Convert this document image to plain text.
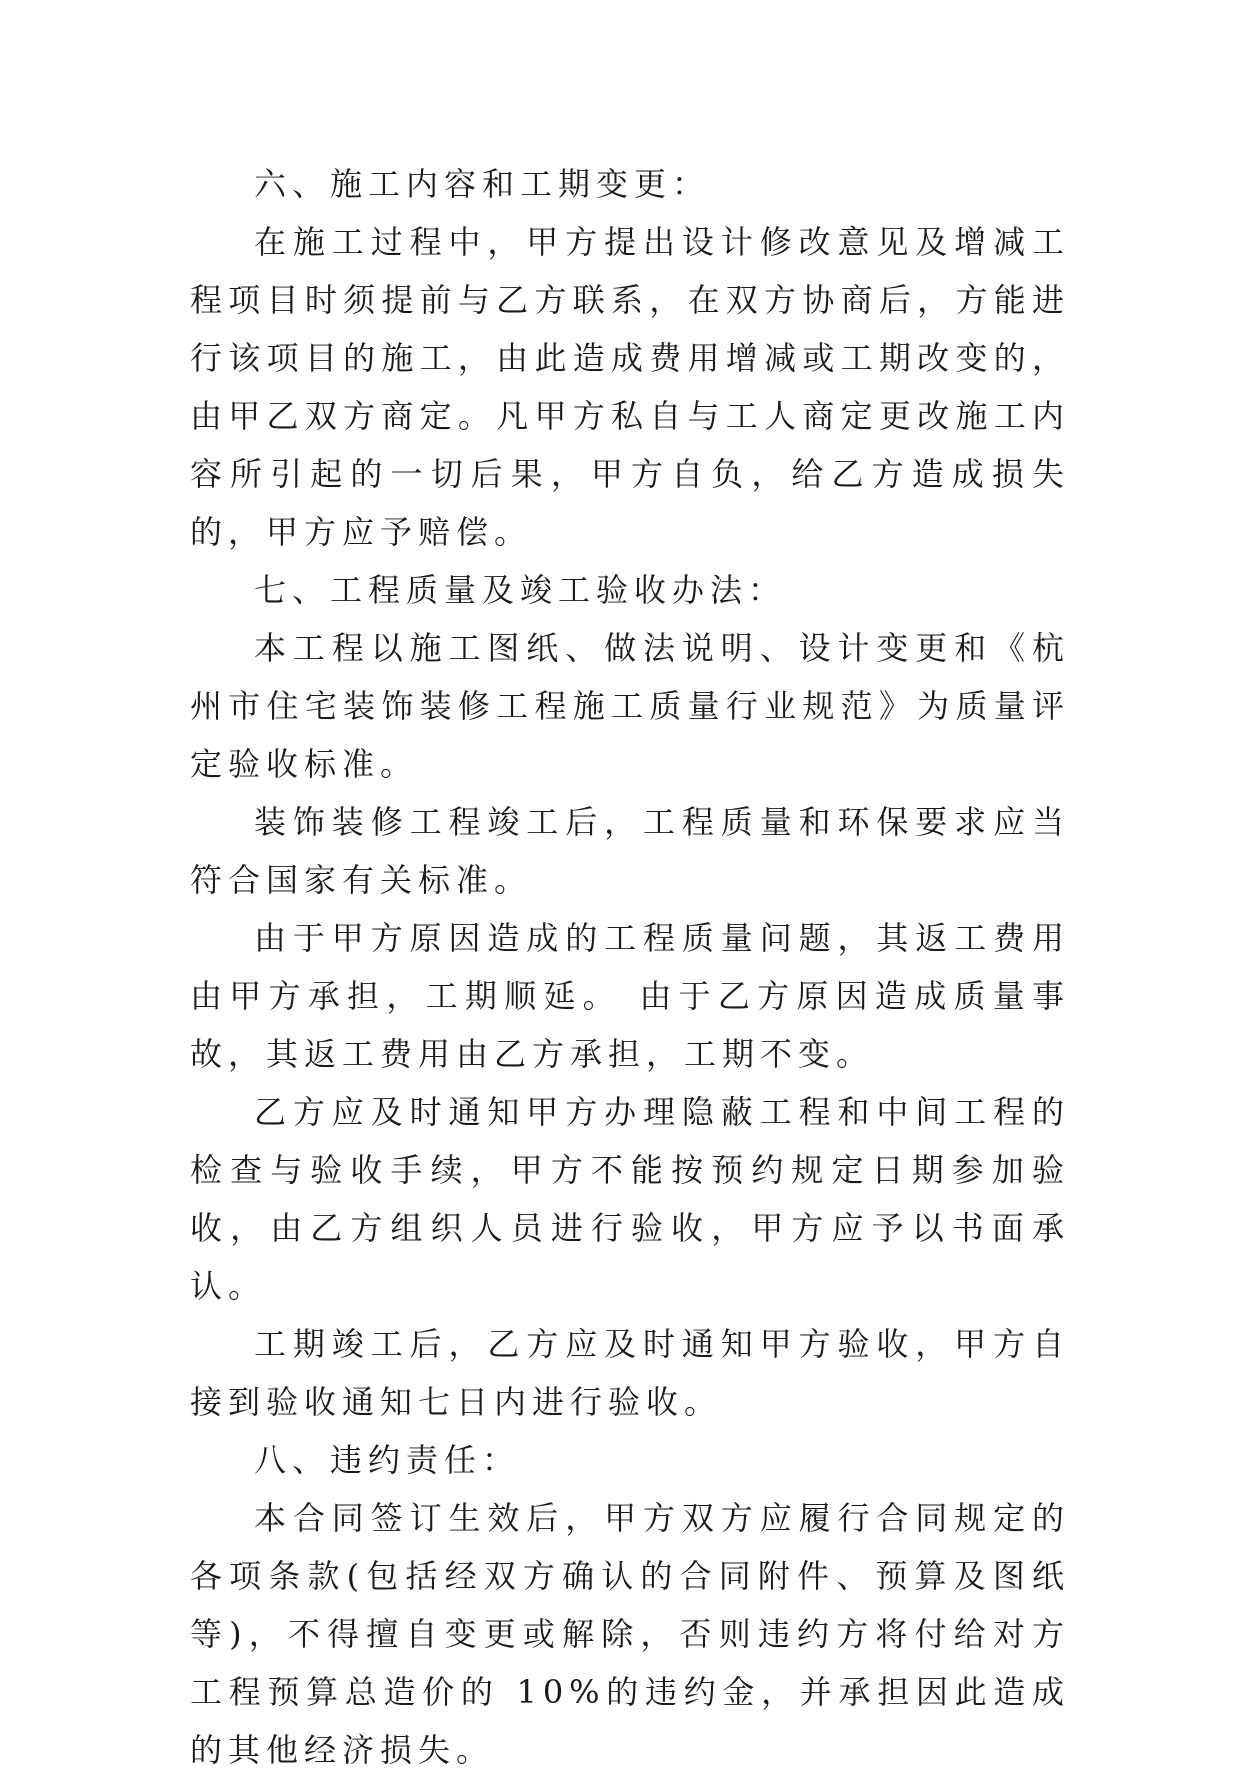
六、施工内容和工期变更：

在施工过程中，甲方提出设计修改意见及增减工程项目时须提前与乙方联系，在双方协商后，方能进行该项目的施工，由此造成费用增减或工期改变的，由甲乙双方商定。凡甲方私自与工人商定更改施工内容所引起的一切后果，甲方自负，给乙方造成损失的，甲方应予赔偿。

七、工程质量及竣工验收办法：

本工程以施工图纸、做法说明、设计变更和《杭州市住宅装饰装修工程施工质量行业规范》为质量评定验收标准。

装饰装修工程竣工后，工程质量和环保要求应当符合国家有关标准。

由于甲方原因造成的工程质量问题，其返工费用由甲方承担，工期顺延。 由于乙方原因造成质量事故，其返工费用由乙方承担，工期不变。

乙方应及时通知甲方办理隐蔽工程和中间工程的检查与验收手续，甲方不能按预约规定日期参加验收，由乙方组织人员进行验收，甲方应予以书面承认。

工期竣工后，乙方应及时通知甲方验收，甲方自接到验收通知七日内进行验收。

八、违约责任：

本合同签订生效后，甲方双方应履行合同规定的各项条款(包括经双方确认的合同附件、预算及图纸等)，不得擅自变更或解除，否则违约方将付给对方工程预算总造价的 10%的违约金，并承担因此造成的其他经济损失。
